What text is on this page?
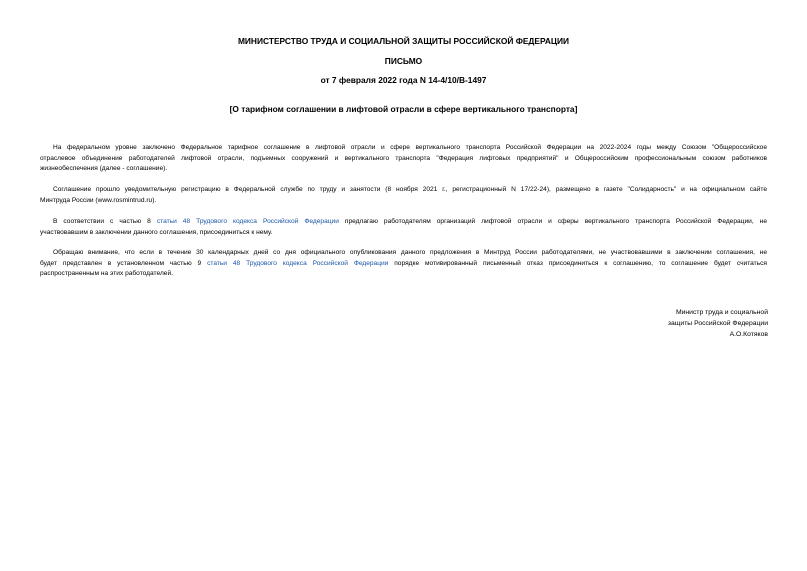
МИНИСТЕРСТВО ТРУДА И СОЦИАЛЬНОЙ ЗАЩИТЫ РОССИЙСКОЙ ФЕДЕРАЦИИ
ПИСЬМО
от 7 февраля 2022 года N 14-4/10/В-1497
[О тарифном соглашении в лифтовой отрасли в сфере вертикального транспорта]
На федеральном уровне заключено Федеральное тарифное соглашение в лифтовой отрасли и сфере вертикального транспорта Российской Федерации на 2022-2024 годы между Союзом "Общероссийское
отраслевое объединение работодателей лифтовой отрасли, подъемных сооружений и вертикального транспорта "Федерация лифтовых предприятий" и Общероссийским профессиональным союзом работников
жизнеобеспечения (далее - соглашение).
Соглашение прошло уведомительную регистрацию в Федеральной службе по труду и занятости (8 ноября 2021 г., регистрационный N 17/22-24), размещено в газете "Солидарность" и на официальном сайте
Минтруда России (www.rosmintrud.ru).
В соответствии с частью 8 статьи 48 Трудового кодекса Российской Федерации предлагаю работодателям организаций лифтовой отрасли и сферы вертикального транспорта Российской Федерации, не
участвовавшим в заключении данного соглашения, присоединиться к нему.
Обращаю внимание, что если в течение 30 календарных дней со дня официального опубликования данного предложения в Минтруд России работодателями, не участвовавшими в заключении соглашения, не
будет представлен в установленном частью 9 статьи 48 Трудового кодекса Российской Федерации порядке мотивированный письменный отказ присоединиться к соглашению, то соглашение будет считаться
распространенным на этих работодателей.
Министр труда и социальной
защиты Российской Федерации
А.О.Котяков
